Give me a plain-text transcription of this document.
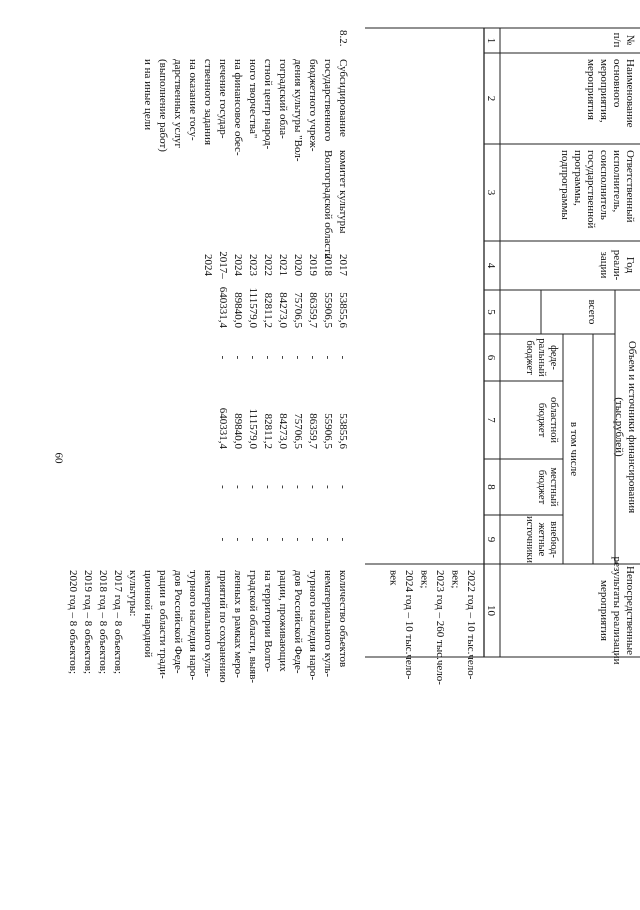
60
№
п/п
Наименование
основного
мероприятия,
мероприятия
Ответственный
исполнитель,
соисполнитель
государственной
программы,
подпрограммы
Год
реали-
зации
Объем и источники финансирования
(тыс.рублей)
всего
в том числе
феде-
ральный
бюджет
областной
бюджет
местный
бюджет
внебюд-
жетные
источники
Непосредственные
результаты реализации
мероприятия
1
2
3
4
5
6
7
8
9
10
2022 год – 10 тыс.чело-
век;
2023 год – 260 тыс.чело-
век;
2024 год – 10 тыс.чело-
век
8.2.
Субсидирование
государственного
бюджетного учреж-
дения культуры "Вол-
гоградский обла-
стной центр народ-
ного творчества"
на финансовое обес-
печение государ-
ственного задания
на оказание госу-
дарственных услуг
(выполнение работ)
и на иные цели
комитет культуры
Волгоградской области
2017
2018
2019
2020
2021
2022
2023
2024
2017–
2024
53855,6
55906,5
86359,7
75706,5
84273,0
82811,2
111579,0
89840,0
640331,4
-
-
-
-
-
-
-
-
-
53855,6
55906,5
86359,7
75706,5
84273,0
82811,2
111579,0
89840,0
640331,4
-
-
-
-
-
-
-
-
-
-
-
-
-
-
-
-
-
-
количество объектов
нематериального куль-
турного наследия наро-
дов Российской Феде-
рации, проживающих
на территории Волго-
градской области, выяв-
ленных в рамках меро-
приятий по сохранению
нематериального куль-
турного наследия наро-
дов Российской Феде-
рации в области тради-
ционной народной
культуры:
2017 год – 8 объектов;
2018 год – 8 объектов;
2019 год – 8 объектов;
2020 год – 8 объектов;
